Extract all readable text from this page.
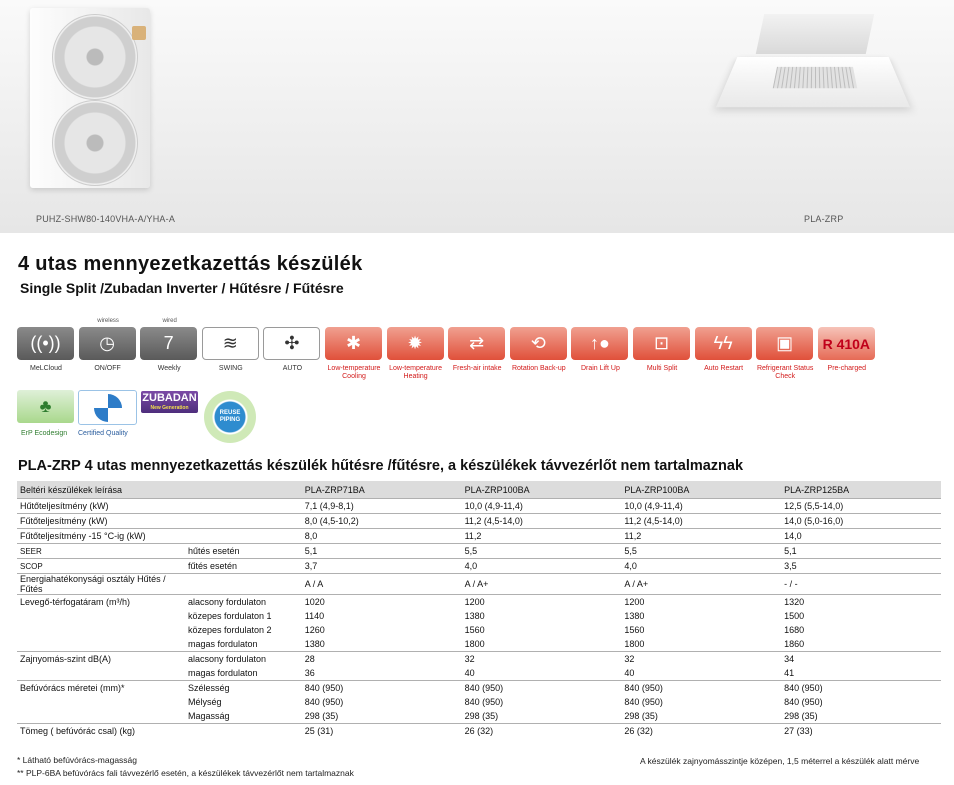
PUHZ-SHW80-140VHA-A/YHA-A	PLA-ZRP
4 utas mennyezetkazettás készülék
Single Split /Zubadan Inverter / Hűtésre / Fűtésre
((•))
MeLCloud
wireless
◷
ON/OFF
wired
7
Weekly
≋
SWING
✣
AUTO
✱
Low-temperature Cooling
✹
Low-temperature Heating
⇄
Fresh-air intake
⟲
Rotation Back-up
↑●
Drain Lift Up
⊡
Multi Split
ϟϟ
Auto Restart
▣
Refrigerant Status Check
R 410A
Pre-charged
♣
ErP Ecodesign	Certified Quality
ZUBADAN
New Generation
REUSE PIPING
PLA-ZRP 4 utas mennyezetkazettás készülék hűtésre /fűtésre, a készülékek távvezérlőt nem tartalmaznak
Beltéri készülékek leírása		PLA-ZRP71BA	PLA-ZRP100BA	PLA-ZRP100BA	PLA-ZRP125BA
Hűtőteljesítmény (kW)		7,1 (4,9-8,1)	10,0 (4,9-11,4)	10,0 (4,9-11,4)	12,5 (5,5-14,0)
Fűtőteljesítmény (kW)		8,0 (4,5-10,2)	11,2 (4,5-14,0)	11,2 (4,5-14,0)	14,0 (5,0-16,0)
Fűtőteljesítmény -15 °C-ig (kW)		8,0	11,2	11,2	14,0
SEER	hűtés esetén	5,1	5,5	5,5	5,1
SCOP	fűtés esetén	3,7	4,0	4,0	3,5
Energiahatékonysági osztály Hűtés / Fűtés		A / A	A / A+	A / A+	- / -
Levegő-térfogatáram (m³/h)	alacsony fordulaton	1020	1200	1200	1320
	közepes fordulaton 1	1140	1380	1380	1500
	közepes fordulaton 2	1260	1560	1560	1680
	magas fordulaton	1380	1800	1800	1860
Zajnyomás-szint dB(A)	alacsony fordulaton	28	32	32	34
	magas fordulaton	36	40	40	41
Befúvórács méretei (mm)*	Szélesség	840 (950)	840 (950)	840 (950)	840 (950)
	Mélység	840 (950)	840 (950)	840 (950)	840 (950)
	Magasság	298 (35)	298 (35)	298 (35)	298 (35)
Tömeg ( befúvórác csal) (kg)		25 (31)	26 (32)	26 (32)	27 (33)
* Látható befúvórács-magasság
** PLP-6BA befúvórács fali távvezérlő esetén, a készülékek távvezérlőt nem tartalmaznak
A készülék zajnyomásszintje középen, 1,5 méterrel a készülék alatt mérve
